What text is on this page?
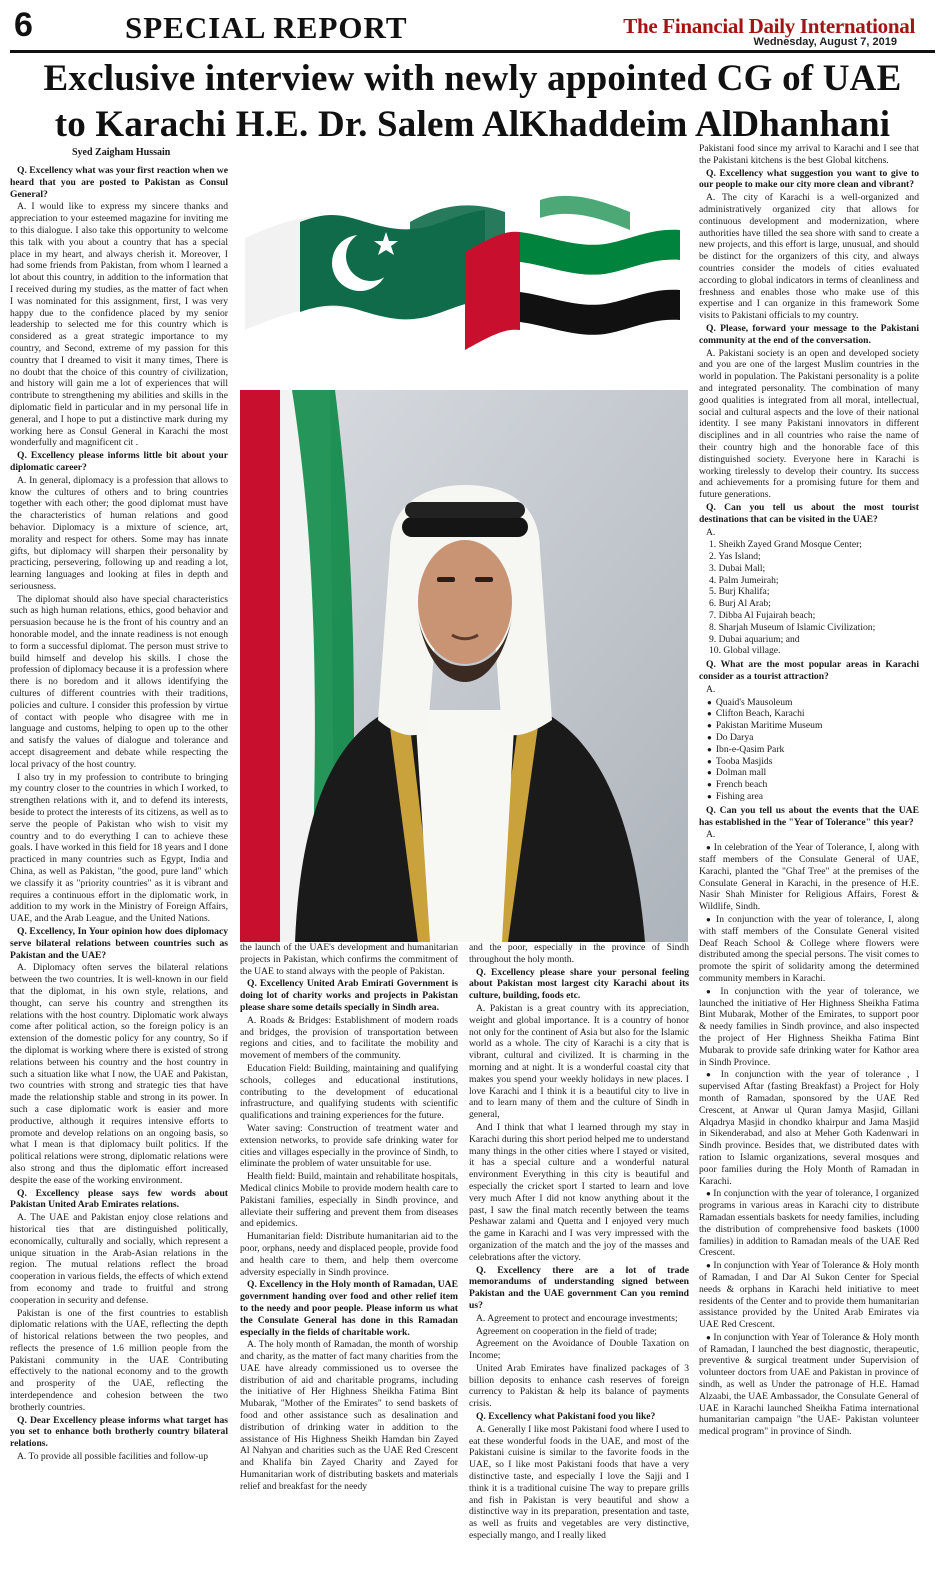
6	SPECIAL REPORT	The Financial Daily International
Wednesday, August 7, 2019
Exclusive interview with newly appointed CG of UAE
to Karachi H.E. Dr. Salem AlKhaddeim AlDhanhani
Syed Zaigham Hussain

Q. Excellency what was your first reaction when we heard that you are posted to Pakistan as Consul General?

A. I would like to express my sincere thanks and appreciation to your esteemed magazine for inviting me to this dialogue. I also take this opportunity to welcome this talk with you about a country that has a special place in my heart, and always cherish it. Moreover, I had some friends from Pakistan, from whom I learned a lot about this country, in addition to the information that I received during my studies, as the matter of fact when I was nominated for this assignment, first, I was very happy due to the confidence placed by my senior leadership to selected me for this country which is considered as a great strategic importance to my country, and Second, extreme of my passion for this country that I dreamed to visit it many times, There is no doubt that the choice of this country of civilization, and history will gain me a lot of experiences that will contribute to strengthening my abilities and skills in the diplomatic field in particular and in my personal life in general, and I hope to put a distinctive mark during my working here as Consul General in Karachi the most wonderfully and magnificent cit .

Q. Excellency please informs little bit about your diplomatic career?

A. In general, diplomacy is a profession that allows to know the cultures of others and to bring countries together with each other; the good diplomat must have the characteristics of human relations and good behavior. Diplomacy is a mixture of science, art, morality and respect for others. Some may has innate gifts, but diplomacy will sharpen their personality by practicing, persevering, following up and reading a lot, learning languages and looking at files in depth and seriousness.

The diplomat should also have special characteristics such as high human relations, ethics, good behavior and persuasion because he is the front of his country and an honorable model, and the innate readiness is not enough to form a successful diplomat. The person must strive to build himself and develop his skills. I chose the profession of diplomacy because it is a profession where there is no boredom and it allows identifying the cultures of different countries with their traditions, policies and culture. I consider this profession by virtue of contact with people who disagree with me in language and customs, helping to open up to the other and satisfy the values of dialogue and tolerance and accept disagreement and debate while respecting the local privacy of the host country.

I also try in my profession to contribute to bringing my country closer to the countries in which I worked, to strengthen relations with it, and to defend its interests, beside to protect the interests of its citizens, as well as to serve the people of Pakistan who wish to visit my country and to do everything I can to achieve these goals. I have worked in this field for 18 years and I done practiced in many countries such as Egypt, India and China, as well as Pakistan, "the good, pure land" which we classify it as "priority countries" as it is vibrant and requires a continuous effort in the diplomatic work, in addition to my work in the Ministry of Foreign Affairs, UAE, and the Arab League, and the United Nations.

Q. Excellency, In Your opinion how does diplomacy serve bilateral relations between countries such as Pakistan and the UAE?

A. Diplomacy often serves the bilateral relations between the two countries. It is well-known in our field that the diplomat, in his own style, relations, and thought, can serve his country and strengthen its relations with the host country. Diplomatic work always come after political action, so the foreign policy is an extension of the domestic policy for any country, So if the diplomat is working where there is existed of strong relations between his country and the host country in such a situation like what I now, the UAE and Pakistan, two countries with strong and strategic ties that have made the relationship stable and strong in its power. In such a case diplomatic work is easier and more productive, although it requires intensive efforts to promote and develop relations on an ongoing basis, so what I mean is that diplomacy built politics. If the political relations were strong, diplomatic relations were also strong and thus the diplomatic effort increased despite the ease of the working environment.

Q. Excellency please says few words about Pakistan United Arab Emirates relations.

A. The UAE and Pakistan enjoy close relations and historical ties that are distinguished politically, economically, culturally and socially, which represent a unique situation in the Arab-Asian relations in the region. The mutual relations reflect the broad cooperation in various fields, the effects of which extend from economy and trade to fruitful and strong cooperation in security and defense.

Pakistan is one of the first countries to establish diplomatic relations with the UAE, reflecting the depth of historical relations between the two peoples, and reflects the presence of 1.6 million people from the Pakistani community in the UAE Contributing effectively to the national economy and to the growth and prosperity of the UAE, reflecting the interdependence and cohesion between the two brotherly countries.

Q. Dear Excellency please informs what target has you set to enhance both brotherly country bilateral relations.

A. To provide all possible facilities and follow-up

the launch of the UAE's development and humanitarian projects in Pakistan, which confirms the commitment of the UAE to stand always with the people of Pakistan.

Q. Excellency United Arab Emirati Government is doing lot of charity works and projects in Pakistan please share some details specially in Sindh area.

A. Roads & Bridges: Establishment of modern roads and bridges, the provision of transportation between regions and cities, and to facilitate the mobility and movement of members of the community.

Education Field: Building, maintaining and qualifying schools, colleges and educational institutions, contributing to the development of educational infrastructure, and qualifying students with scientific qualifications and training experiences for the future.

Water saving: Construction of treatment water and extension networks, to provide safe drinking water for cities and villages especially in the province of Sindh, to eliminate the problem of water unsuitable for use.

Health field: Build, maintain and rehabilitate hospitals, Medical clinics Mobile to provide modern health care to Pakistani families, especially in Sindh province, and alleviate their suffering and prevent them from diseases and epidemics.

Humanitarian field: Distribute humanitarian aid to the poor, orphans, needy and displaced people, provide food and health care to them, and help them overcome adversity especially in Sindh province.

Q. Excellency in the Holy month of Ramadan, UAE government handing over food and other relief item to the needy and poor people. Please inform us what the Consulate General has done in this Ramadan especially in the fields of charitable work.

A. The holy month of Ramadan, the month of worship and charity, as the matter of fact many charities from the UAE have already commissioned us to oversee the distribution of aid and charitable programs, including the initiative of Her Highness Sheikha Fatima Bint Mubarak, "Mother of the Emirates" to send baskets of food and other assistance such as desalination and distribution of drinking water in addition to the assistance of His Highness Sheikh Hamdan bin Zayed Al Nahyan and charities such as the UAE Red Crescent and Khalifa bin Zayed Charity and Zayed for Humanitarian work of distributing baskets and materials relief and breakfast for the needy

and the poor, especially in the province of Sindh throughout the holy month.

Q. Excellency please share your personal feeling about Pakistan most largest city Karachi about its culture, building, foods etc.

A. Pakistan is a great country with its appreciation, weight and global importance. It is a country of honor not only for the continent of Asia but also for the Islamic world as a whole. The city of Karachi is a city that is vibrant, cultural and civilized. It is charming in the morning and at night. It is a wonderful coastal city that makes you spend your weekly holidays in new places. I love Karachi and I think it is a beautiful city to live in and to learn many of them and the culture of Sindh in general,

And I think that what I learned through my stay in Karachi during this short period helped me to understand many things in the other cities where I stayed or visited, it has a special culture and a wonderful natural environment Everything in this city is beautiful and especially the cricket sport I started to learn and love very much After I did not know anything about it the past, I saw the final match recently between the teams Peshawar zalami and Quetta and I enjoyed very much the game in Karachi and I was very impressed with the organization of the match and the joy of the masses and celebrations after the victory.

Q. Excellency there are a lot of trade memorandums of understanding signed between Pakistan and the UAE government Can you remind us?

A. Agreement to protect and encourage investments;

Agreement on cooperation in the field of trade;

Agreement on the Avoidance of Double Taxation on Income;

United Arab Emirates have finalized packages of 3 billion deposits to enhance cash reserves of foreign currency to Pakistan & help its balance of payments crisis.

Q. Excellency what Pakistani food you like?

A. Generally I like most Pakistani food where I used to eat these wonderful foods in the UAE, and most of the Pakistani cuisine is similar to the favorite foods in the UAE, so I like most Pakistani foods that have a very distinctive taste, and especially I love the Sajji and I think it is a traditional cuisine The way to prepare grills and fish in Pakistan is very beautiful and show a distinctive way in its preparation, presentation and taste, as well as fruits and vegetables are very distinctive, especially mango, and I really liked

Pakistani food since my arrival to Karachi and I see that the Pakistani kitchens is the best Global kitchens.

Q. Excellency what suggestion you want to give to our people to make our city more clean and vibrant?

A. The city of Karachi is a well-organized and administratively organized city that allows for continuous development and modernization, where authorities have tilled the sea shore with sand to create a new projects, and this effort is large, unusual, and should be distinct for the organizers of this city, and always countries consider the models of cities evaluated according to global indicators in terms of cleanliness and freshness and enables those who make use of this expertise and I can organize in this framework Some visits to Pakistani officials to my country.

Q. Please, forward your message to the Pakistani community at the end of the conversation.

A. Pakistani society is an open and developed society and you are one of the largest Muslim countries in the world in population. The Pakistani personality is a polite and integrated personality. The combination of many good qualities is integrated from all moral, intellectual, social and cultural aspects and the love of their national identity. I see many Pakistani innovators in different disciplines and in all countries who raise the name of their country high and the honorable face of this distinguished society. Everyone here in Karachi is working tirelessly to develop their country. Its success and achievements for a promising future for them and future generations.

Q. Can you tell us about the most tourist destinations that can be visited in the UAE?

A.

1. Sheikh Zayed Grand Mosque Center;
2. Yas Island;
3. Dubai Mall;
4. Palm Jumeirah;
5. Burj Khalifa;
6. Burj Al Arab;
7. Dibba Al Fujairah beach;
8. Sharjah Museum of Islamic Civilization;
9. Dubai aquarium; and
10. Global village.

Q. What are the most popular areas in Karachi consider as a tourist attraction?

A.

● Quaid's Mausoleum
● Clifton Beach, Karachi
● Pakistan Maritime Museum
● Do Darya
● Ibn-e-Qasim Park
● Tooba Masjids
● Dolman mall
● French beach
● Fishing area

Q. Can you tell us about the events that the UAE has established in the "Year of Tolerance" this year?

A.

● In celebration of the Year of Tolerance, I, along with staff members of the Consulate General of UAE, Karachi, planted the "Ghaf Tree" at the premises of the Consulate General in Karachi, in the presence of H.E. Nasir Shah Minister for Religious Affairs, Forest & Wildlife, Sindh.

● In conjunction with the year of tolerance, I, along with staff members of the Consulate General visited Deaf Reach School & College where flowers were distributed among the special persons. The visit comes to promote the spirit of solidarity among the determined community members in Karachi.

● In conjunction with the year of tolerance, we launched the initiative of Her Highness Sheikha Fatima Bint Mubarak, Mother of the Emirates, to support poor & needy families in Sindh province, and also inspected the project of Her Highness Sheikha Fatima Bint Mubarak to provide safe drinking water for Kathor area in Sindh Province.

● In conjunction with the year of tolerance , I supervised Aftar (fasting Breakfast) a Project for Holy month of Ramadan, sponsored by the UAE Red Crescent, at Anwar ul Quran Jamya Masjid, Gillani Alqadrya Masjid in chondko khairpur and Jama Masjid in Sikenderabad, and also at Meher Goth Kadenwari in Sindh province. Besides that, we distributed dates with ration to Islamic organizations, several mosques and poor families during the Holy Month of Ramadan in Karachi.

● In conjunction with the year of tolerance, I organized programs in various areas in Karachi city to distribute Ramadan essentials baskets for needy families, including the distribution of comprehensive food baskets (1000 families) in addition to Ramadan meals of the UAE Red Crescent.

● In conjunction with Year of Tolerance & Holy month of Ramadan, I and Dar Al Sukon Center for Special needs & orphans in Karachi held initiative to meet residents of the Center and to provide them humanitarian assistance provided by the United Arab Emirates via UAE Red Crescent.

● In conjunction with Year of Tolerance & Holy month of Ramadan, I launched the best diagnostic, therapeutic, preventive & surgical treatment under Supervision of volunteer doctors from UAE and Pakistan in province of sindh, as well as Under the patronage of H.E. Hamad Alzaabi, the UAE Ambassador, the Consulate General of UAE in Karachi launched Sheikha Fatima international humanitarian campaign "the UAE- Pakistan volunteer medical program" in province of Sindh.
